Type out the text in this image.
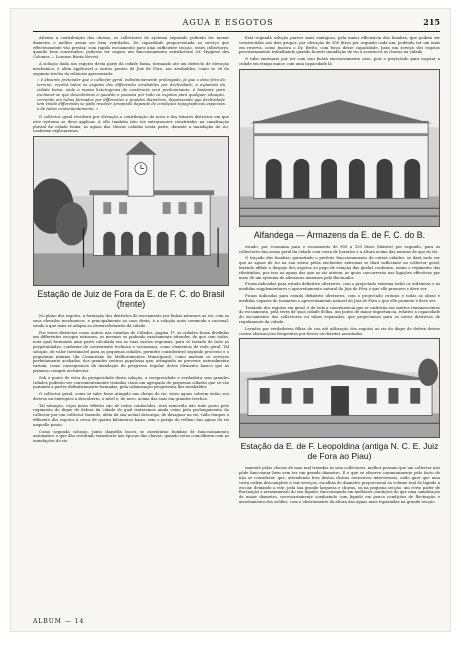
AGUA E ESGOTOS	215

Attenta a contribuição das chuvas, os collectores do systema separado poderão ter menor diametro e melhor assim ser bem ventilados. De capacidade proporcionada ao serviço que effectivamente vão prestar, com rapido escoamento para uma sufficiente secção, esses collectores, quando bem construidos, poderão ter seguro um funccionamento satisfactorio (cf. Hygiene des Colonies — Lorenzo Baeta Neves).

A solução dada aos esgotos desta parte da cidade baixa, formando até um districto de elevação mechanica, é além applicavel a outros pontos de Juiz de Fóra, aos arrabaldes, como se vê do seguinte trecho do relatorio apresentado:

« é absurdo pretender que o collector geral, indistinctamente prolongado, já que o dono fóra do terreno, receba todos os esgotos dos differentes arrabaldes por declividade; a expansão da cidade baixa, onde a massa heterogenea de constructs será predominante, é bastante para exclamar-se que descobrimos a questão o passava por todo os esgotos para qualquer situação, correndo em tubos formados por differentes e grandes diametros, dispensando que declividade tem vivido differentes se pôde resolver, propondo depende de condições topographicas especiaes e de tubos convenientemente. »

O collector geral receberá por elevação a contribuição do novo e dos futuros districtos em que este systema se deva applicar. A elle também irão ter extravasores construidos na canalisação pluvial da cidade baixa, as aguas das chuvas cahidas nesta parte, durante a inundação do rio, conforme explicaremos.

Estação de Juiz de Fora da E. de F. C. do Brasil (frente)

No plano dos esgotos, a formação dos districtos de escoamento por linhas naturaes ao rio, com os seus elevados mechanicos, e principalmente ao caso desta, é a solução mais commoda e racional, sendo a que mais se adapta ao desenvolvimento da cidade.

Por esses districtos como outros nas vizinhas de Cidades, pagina 1ª, as cidades ficam divididas em differentes escopos naturaes, os mesmos se podendo exactamente attender, de que com todas, nota qual formando uma parte calculada em as suas vazões regionais, para só tratado de tudo as perpetuidades, conforme de conveniente technica e economica, como elementos de rede geral. Tal solução, de valor inestimavel para as pequenas cidades, permitte considerável segundo processo e o pequenino mínimo (da Commissão de Melhoramentos Municipaes), como mattam os serviços perfeitamente acabados, dos grandes centros populosos que, attingindo ao prevenir, naturalmente variam, como consequencia da inundação do progresso regular, desse elemento basico que as primeiro comprit architectar.

Sob o ponto de vista do prosperidade desta solução, a reciprocidade e verdadeira sem grandes cidades poderão ser convenientemente tratadas como um agrupado de pequenas cidades que se vão juntando a partes definitivamente formadas, pela urbanização progressiva dos arrabaldes.

O collector geral, como se sabe fosse atingido nas cheias do rio, estes aguas cobrem então seu diverso na entregues a descoberto, o nivel e, de novo, acima das suas em grandes trechos.

Tal situação, cujos máos effeitos são de todos conhecidos, será removida não tudo posto pelo regimento do dique de defesa da cidade do qual trataremos ainda como pela prolongamento do collector por um collector fazendo, além da sua actual descarga, de desaguar na rio, tudo tempos o effluente dos esgotos à cerca de quatro kilometros baixo, sem o perigo do refluxo das aguas do rio naquelle ponto.

Como segunda solução, junto daquella bocca se assentarão bombas de funccionamento automatico e que dão resultado transitorio nas épocas das chuvas, quando estas coincidirem com as inundações do rio.

Esta segunda solução parece mais vantajosa, pela maior efficiencia das bombas, que podem ser constrictidas aos dois grupos, por elevação de 300 litros por segundo cada um, podendo ter um mais em reserva, como mostra o Dr. Britto, com força desse capacidade, para um serviço dos esgotos provisoriamente trabalhando quando houver inundação de rio e acontecer as chuvas na cidade.

O tubo emissario por ter com isso ficará excessivamente caro, pois o projectado para esgotar a cidade em tempo maior, com uma capacidade lá

Alfandega — Armazens da E. de F. C. do B.

estado, por economia para o escoamento de 300 a 350 litros (lixiseis) por segundo, para os collectores das zonas geral da cidade com cerca de horarios e a altura acima das normas de ago do rio.

O traçado das bombas, garantindo o perfeito funccionamento de outras cidades, se dará tudo ver que as aguas do rio na sua estiva pelas enchentes extremas se dará suffocante no collector geral, fazendo affluir o despejo dos esgotos ao pego de estação das quelas conforme, assim o regimento das ribeirinhas, por isso as aguas das que ao rio ateiem, as quais concorrerão nas ligações effectivas por meio de um systema de alavancas manuaes pelo fluctuador.

Ficam indicadas para estudo definitivo ulteriores, com o projectado extrema todos os ordemens e as medidas supplementares e aproveitamento natural do Juiz de Fóra o que elle promove e deve ser.

Ficam indicadas para estudo definitivo ulteriores, com o projectado cuturas e todas as obras e medidas capazes de tornarem o aproveitamento natural do Juiz de Fóra o que elle promete e deve ser.

Tratando dos esgotos em geral, é de toda a conveniencia que se cadrerão aos metros remanescentes do escoamento, pela terra de suas cidade dellas, um ponto de maior importancia, relativo à capacidade do escoamento dos collectores ou tubos separados, que projectamos para os novos districtos de regulamento da cidade.

Levados por verdadeiras filhas de cou até utilização dos esgotos ao rio do dique de defesa destes contra obstrucções frequentes por ferros ou detritos arrastados.

Estação da E. de F. Leopoldina (antiga N. C. E. Juiz de Fora ao Piau)

tamente pelas chuvas de mau mal tratadas as sem collectores, melhor pensam que um collector não pôde funccionar bem sem ter um grande diametro. É o que se observa commummente pelo facto de não se considerar, que, attendendo fora destas chuvas excessivas intervernais, onde quer que uma certa ordem descomplete a tais serviços, escolhas de diametro proporcional ao volume real do liquido a escoar, deixando a este, pela sua grande largueza e chuvas, ou na pequena secção, um certo poder de fluctuação e arrastamento do seu liquido, funccionando em melhores condições do que uma canalisação de maior diametro, necessariamente conduzindo com liquido em pouca condições de fluctuação e arrastamento dos solidos, com o obstruimento da altura das aguas mais espraiadas na grande secção.

ALBUM — 14
